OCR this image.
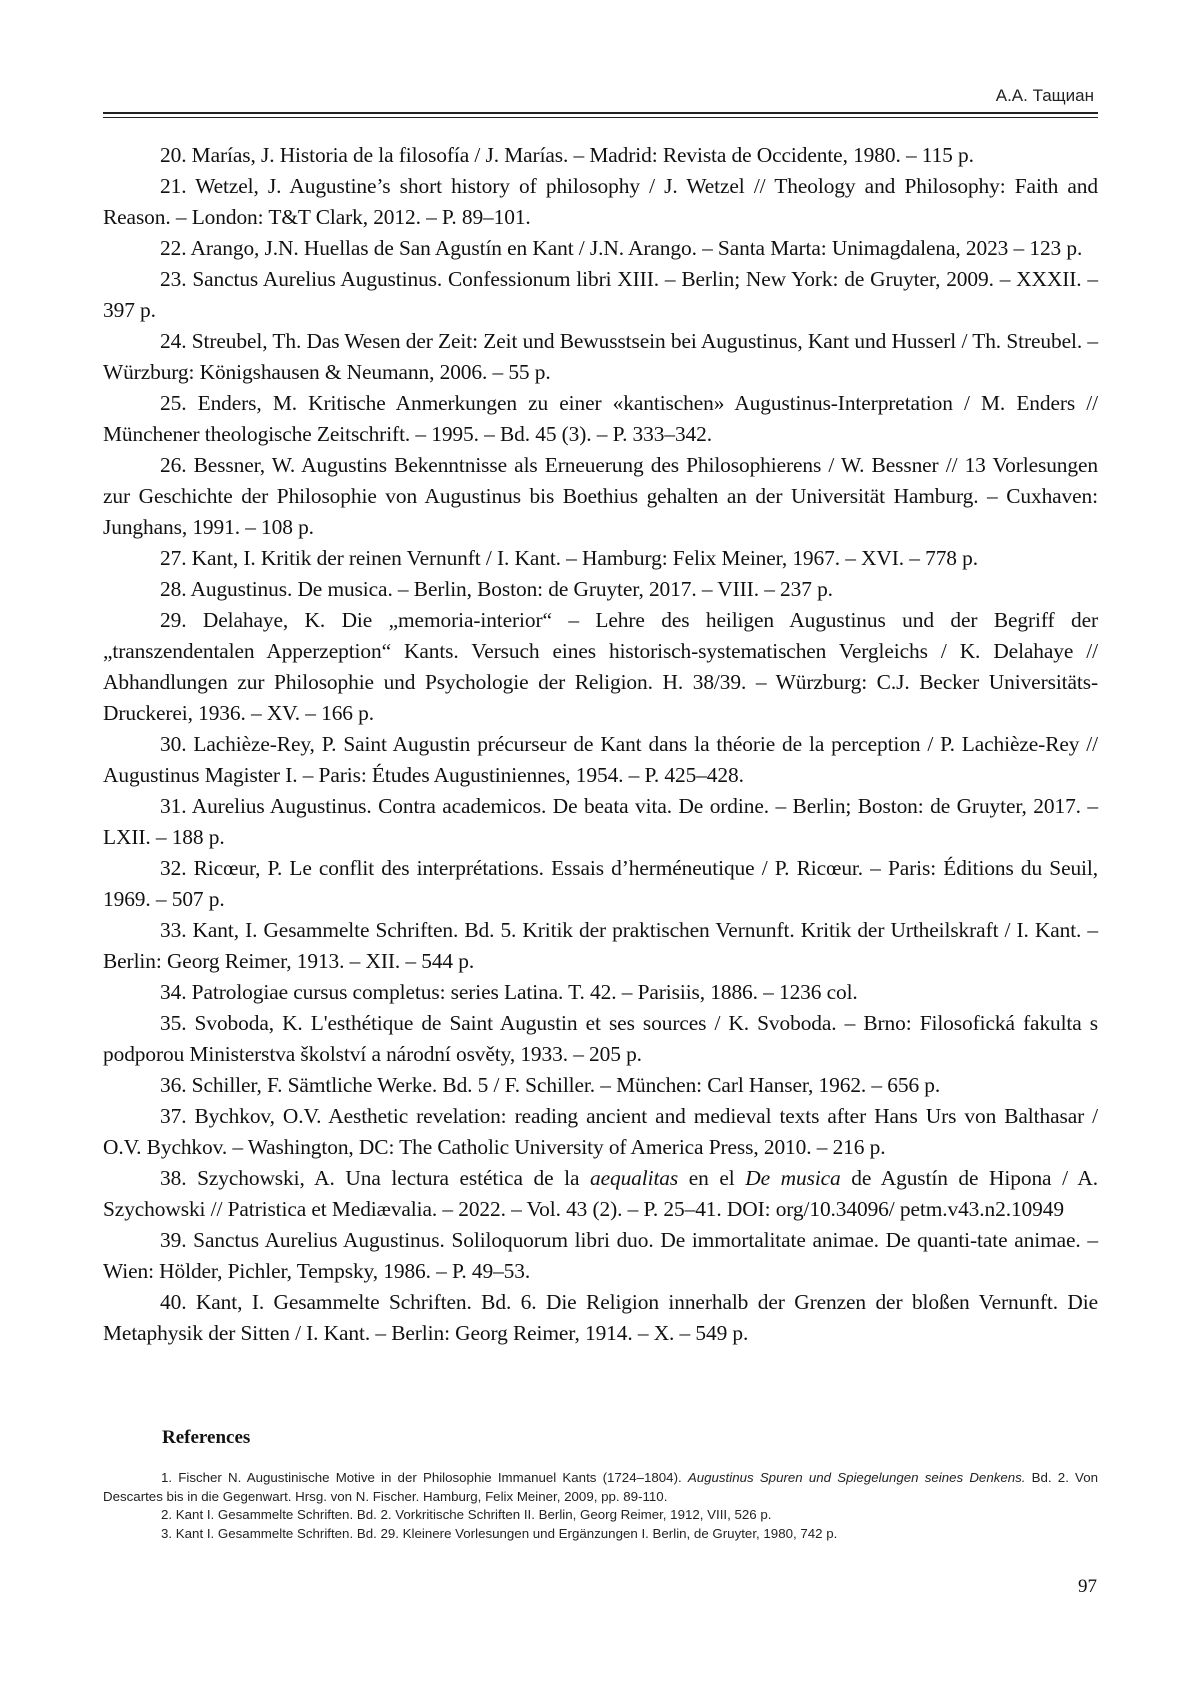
А.А. Тащиан

20. Marías, J. Historia de la filosofía / J. Marías. – Madrid: Revista de Occidente, 1980. – 115 p.

21. Wetzel, J. Augustine’s short history of philosophy / J. Wetzel // Theology and Philosophy: Faith and Reason. – London: T&T Clark, 2012. – P. 89–101.

22. Arango, J.N. Huellas de San Agustín en Kant / J.N. Arango. – Santa Marta: Unimagdalena, 2023 – 123 p.

23. Sanctus Aurelius Augustinus. Confessionum libri XIII. – Berlin; New York: de Gruyter, 2009. – XXXII. – 397 p.

24. Streubel, Th. Das Wesen der Zeit: Zeit und Bewusstsein bei Augustinus, Kant und Husserl / Th. Streubel. – Würzburg: Königshausen & Neumann, 2006. – 55 p.

25. Enders, M. Kritische Anmerkungen zu einer «kantischen» Augustinus-Interpretation / M. Enders // Münchener theologische Zeitschrift. – 1995. – Bd. 45 (3). – P. 333–342.

26. Bessner, W. Augustins Bekenntnisse als Erneuerung des Philosophierens / W. Bessner // 13 Vorlesungen zur Geschichte der Philosophie von Augustinus bis Boethius gehalten an der Universität Hamburg. – Cuxhaven: Junghans, 1991. – 108 p.

27. Kant, I. Kritik der reinen Vernunft / I. Kant. – Hamburg: Felix Meiner, 1967. – XVI. – 778 p.

28. Augustinus. De musica. – Berlin, Boston: de Gruyter, 2017. – VIII. – 237 p.

29. Delahaye, K. Die „memoria-interior“ – Lehre des heiligen Augustinus und der Begriff der „transzendentalen Apperzeption“ Kants. Versuch eines historisch-systematischen Vergleichs / K. Delahaye // Abhandlungen zur Philosophie und Psychologie der Religion. H. 38/39. – Würzburg: C.J. Becker Universitäts-Druckerei, 1936. – XV. – 166 p.

30. Lachièze-Rey, P. Saint Augustin précurseur de Kant dans la théorie de la perception / P. Lachièze-Rey // Augustinus Magister I. – Paris: Études Augustiniennes, 1954. – P. 425–428.

31. Aurelius Augustinus. Contra academicos. De beata vita. De ordine. – Berlin; Boston: de Gruyter, 2017. – LXII. – 188 p.

32. Ricœur, P. Le conflit des interprétations. Essais d’herméneutique / P. Ricœur. – Paris: Éditions du Seuil, 1969. – 507 p.

33. Kant, I. Gesammelte Schriften. Bd. 5. Kritik der praktischen Vernunft. Kritik der Urtheilskraft / I. Kant. – Berlin: Georg Reimer, 1913. – XII. – 544 p.

34. Patrologiae cursus completus: series Latina. T. 42. – Parisiis, 1886. – 1236 col.

35. Svoboda, K. L'esthétique de Saint Augustin et ses sources / K. Svoboda. – Brno: Filosofická fakulta s podporou Ministerstva školství a národní osvěty, 1933. – 205 p.

36. Schiller, F. Sämtliche Werke. Bd. 5 / F. Schiller. – München: Carl Hanser, 1962. – 656 p.

37. Bychkov, O.V. Aesthetic revelation: reading ancient and medieval texts after Hans Urs von Balthasar / O.V. Bychkov. – Washington, DC: The Catholic University of America Press, 2010. – 216 p.

38. Szychowski, A. Una lectura estética de la aequalitas en el De musica de Agustín de Hipona / A. Szychowski // Patristica et Mediævalia. – 2022. – Vol. 43 (2). – P. 25–41. DOI: org/10.34096/ petm.v43.n2.10949

39. Sanctus Aurelius Augustinus. Soliloquorum libri duo. De immortalitate animae. De quanti-tate animae. – Wien: Hölder, Pichler, Tempsky, 1986. – P. 49–53.

40. Kant, I. Gesammelte Schriften. Bd. 6. Die Religion innerhalb der Grenzen der bloßen Vernunft. Die Metaphysik der Sitten / I. Kant. – Berlin: Georg Reimer, 1914. – X. – 549 p.

References

1. Fischer N. Augustinische Motive in der Philosophie Immanuel Kants (1724–1804). Augustinus Spuren und Spiegelungen seines Denkens. Bd. 2. Von Descartes bis in die Gegenwart. Hrsg. von N. Fischer. Hamburg, Felix Meiner, 2009, pp. 89-110.

2. Kant I. Gesammelte Schriften. Bd. 2. Vorkritische Schriften II. Berlin, Georg Reimer, 1912, VIII, 526 p.

3. Kant I. Gesammelte Schriften. Bd. 29. Kleinere Vorlesungen und Ergänzungen I. Berlin, de Gruyter, 1980, 742 p.

97
